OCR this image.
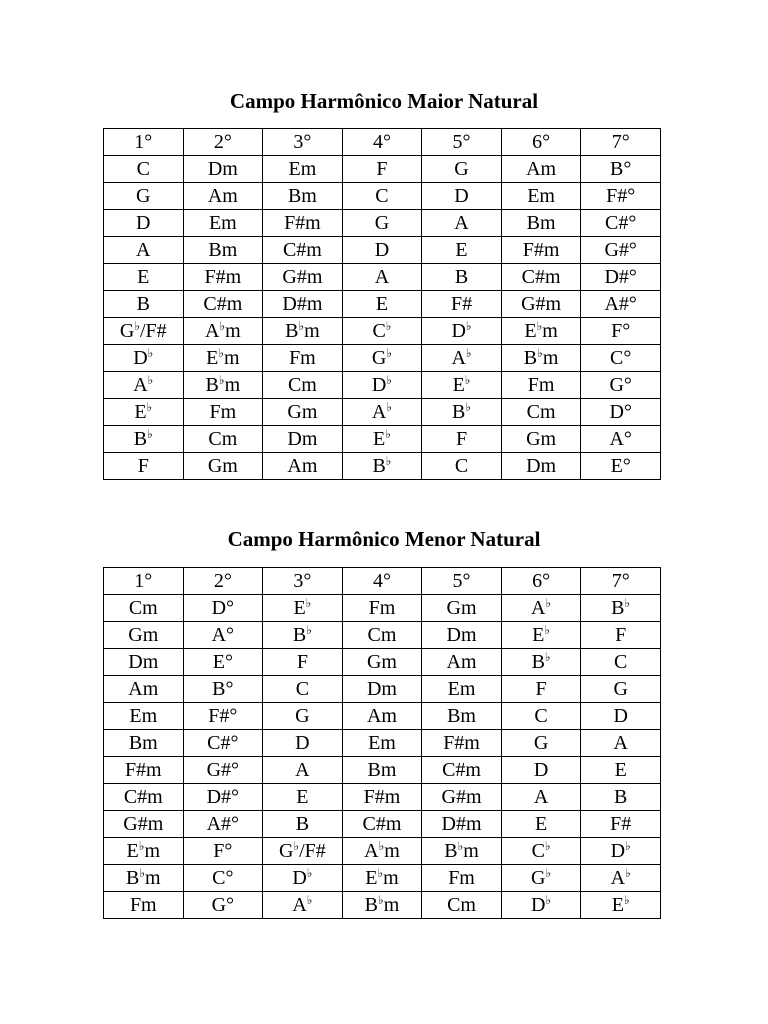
Campo Harmônico Maior Natural
1°	2°	3°	4°	5°	6°	7°
C	Dm	Em	F	G	Am	B°
G	Am	Bm	C	D	Em	F#°
D	Em	F#m	G	A	Bm	C#°
A	Bm	C#m	D	E	F#m	G#°
E	F#m	G#m	A	B	C#m	D#°
B	C#m	D#m	E	F#	G#m	A#°
G♭/F#	A♭m	B♭m	C♭	D♭	E♭m	F°
D♭	E♭m	Fm	G♭	A♭	B♭m	C°
A♭	B♭m	Cm	D♭	E♭	Fm	G°
E♭	Fm	Gm	A♭	B♭	Cm	D°
B♭	Cm	Dm	E♭	F	Gm	A°
F	Gm	Am	B♭	C	Dm	E°
Campo Harmônico Menor Natural
1°	2°	3°	4°	5°	6°	7°
Cm	D°	E♭	Fm	Gm	A♭	B♭
Gm	A°	B♭	Cm	Dm	E♭	F
Dm	E°	F	Gm	Am	B♭	C
Am	B°	C	Dm	Em	F	G
Em	F#°	G	Am	Bm	C	D
Bm	C#°	D	Em	F#m	G	A
F#m	G#°	A	Bm	C#m	D	E
C#m	D#°	E	F#m	G#m	A	B
G#m	A#°	B	C#m	D#m	E	F#
E♭m	F°	G♭/F#	A♭m	B♭m	C♭	D♭
B♭m	C°	D♭	E♭m	Fm	G♭	A♭
Fm	G°	A♭	B♭m	Cm	D♭	E♭
